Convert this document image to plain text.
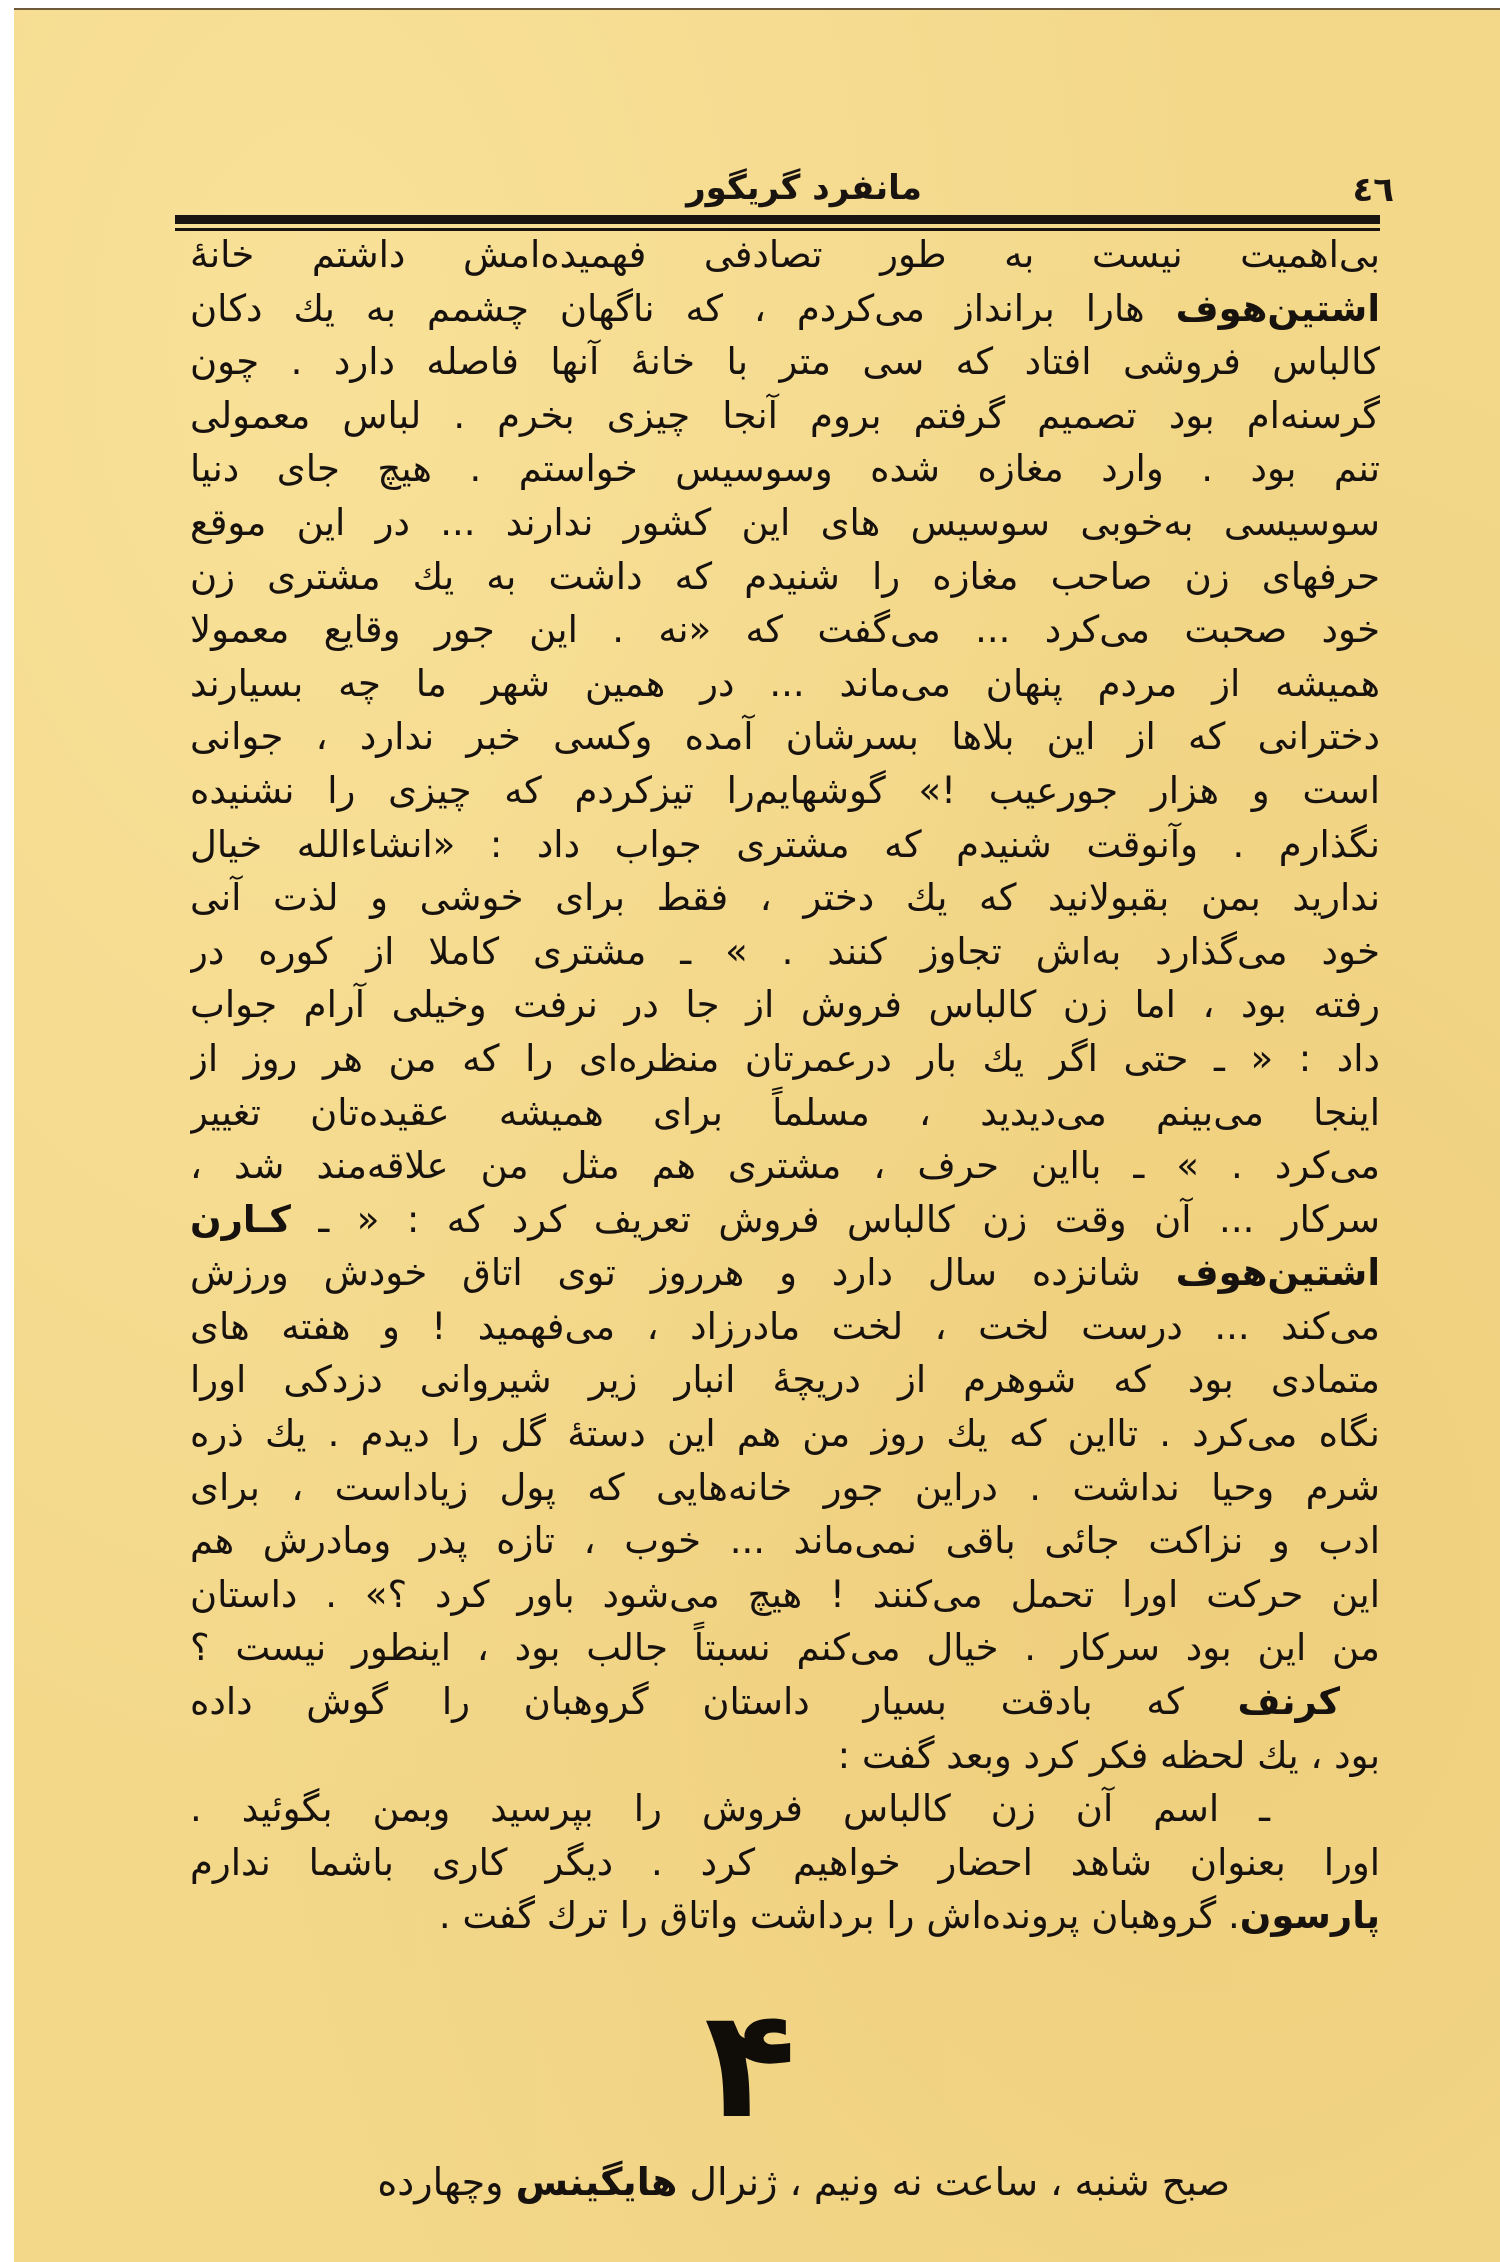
٤٦
مانفرد گریگور
بی‌اهمیت نیست به طور تصادفی فهمیده‌امش داشتم خانهٔ
اشتین‌هوف هارا برانداز می‌کردم ، که ناگهان چشمم به یك دکان
کالباس فروشی افتاد که سی متر با خانهٔ آنها فاصله دارد . چون
گرسنه‌ام بود تصمیم گرفتم بروم آنجا چیزی بخرم . لباس معمولی
تنم بود . وارد مغازه شده وسوسیس خواستم . هیچ جای دنیا
سوسیسی به‌خوبی سوسیس های این کشور ندارند ... در این موقع
حرفهای زن صاحب مغازه را شنیدم که داشت به یك مشتری زن
خود صحبت می‌کرد ... می‌گفت که «نه . این جور وقایع معمولا
همیشه از مردم پنهان می‌ماند ... در همین شهر ما چه بسیارند
دخترانی که از این بلاها بسرشان آمده وکسی خبر ندارد ، جوانی
است و هزار جورعیب !» گوشهایم‌را تیزکردم که چیزی را نشنیده
نگذارم . وآنوقت شنیدم که مشتری جواب داد : «انشاءالله خیال
ندارید بمن بقبولانید که یك دختر ، فقط برای خوشی و لذت آنی
خود می‌گذارد به‌اش تجاوز کنند . » ـ مشتری کاملا از کوره در
رفته بود ، اما زن کالباس فروش از جا در نرفت وخیلی آرام جواب
داد : « ـ حتی اگر یك بار درعمرتان منظره‌ای را که من هر روز از
اینجا می‌بینم می‌دیدید ، مسلماً برای همیشه عقیده‌تان تغییر
می‌کرد . » ـ بااین حرف ، مشتری هم مثل من علاقه‌مند شد ،
سرکار ... آن وقت زن کالباس فروش تعریف کرد که : « ـ کـارن
اشتین‌هوف شانزده سال دارد و هرروز توی اتاق خودش ورزش
می‌کند ... درست لخت ، لخت مادرزاد ، می‌فهمید ! و هفته های
متمادی بود که شوهرم از دریچهٔ انبار زیر شیروانی دزدکی اورا
نگاه می‌کرد . تااین که یك روز من هم این دستهٔ گل را دیدم . یك ذره
شرم وحیا نداشت . دراین جور خانه‌هایی که پول زیاداست ، برای
ادب و نزاکت جائی باقی نمی‌ماند ... خوب ، تازه پدر ومادرش هم
این حرکت اورا تحمل می‌کنند ! هیچ می‌شود باور کرد ؟» . داستان
من این بود سرکار . خیال می‌کنم نسبتاً جالب بود ، اینطور نیست ؟
کرنف که بادقت بسیار داستان گروهبان را گوش داده
بود ، یك لحظه فکر کرد وبعد گفت :
ـ اسم آن زن کالباس فروش را بپرسید وبمن بگوئید .
اورا بعنوان شاهد احضار خواهیم کرد . دیگر کاری باشما ندارم
پارسون. گروهبان پرونده‌اش را برداشت واتاق را ترك گفت .
۴
صبح شنبه ، ساعت نه ونیم ، ژنرال هایگینس وچهارده
